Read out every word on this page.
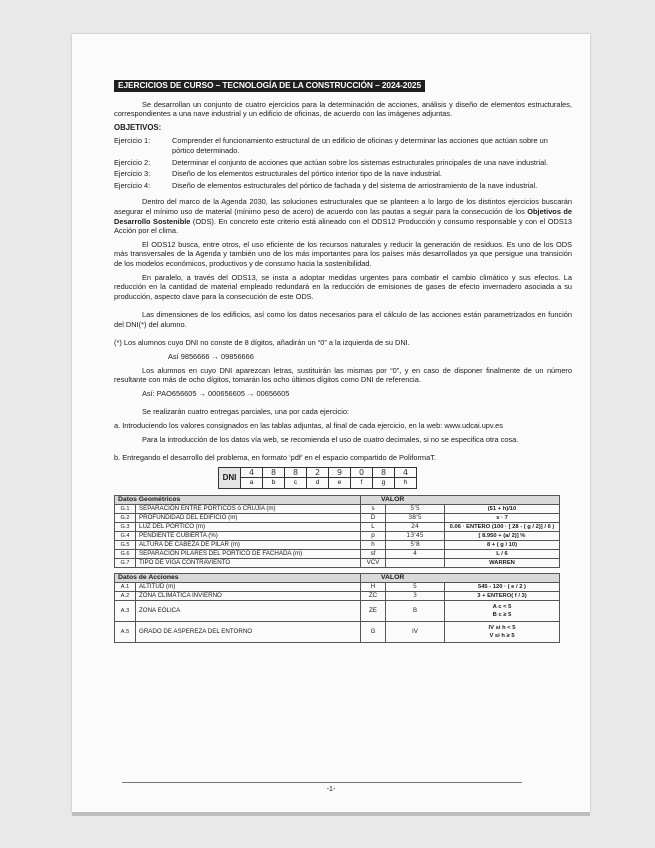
EJERCICIOS DE CURSO – TECNOLOGÍA DE LA CONSTRUCCIÓN – 2024-2025

Se desarrollan un conjunto de cuatro ejercicios para la determinación de acciones, análisis y diseño de elementos estructurales, correspondientes a una nave industrial y un edificio de oficinas, de acuerdo con las imágenes adjuntas.

OBJETIVOS:
Ejercicio 1:	Comprender el funcionamiento estructural de un edificio de oficinas y determinar las acciones que actúan sobre un pórtico determinado.
Ejercicio 2:	Determinar el conjunto de acciones que actúan sobre los sistemas estructurales principales de una nave industrial.
Ejercicio 3:	Diseño de los elementos estructurales del pórtico interior tipo de la nave industrial.
Ejercicio 4:	Diseño de elementos estructurales del pórtico de fachada y del sistema de arriostramiento de la nave industrial.

Dentro del marco de la Agenda 2030, las soluciones estructurales que se planteen a lo largo de los distintos ejercicios buscarán asegurar el mínimo uso de material (mínimo peso de acero) de acuerdo con las pautas a seguir para la consecución de los Objetivos de Desarrollo Sostenible (ODS). En concreto este criterio está alineado con el ODS12 Producción y consumo responsable y con el ODS13 Acción por el clima.

El ODS12 busca, entre otros, el uso eficiente de los recursos naturales y reducir la generación de residuos. Es uno de los ODS más transversales de la Agenda y también uno de los más importantes para los países más desarrollados ya que persigue una transición de los modelos económicos, productivos y de consumo hacia la sostenibilidad.

En paralelo, a través del ODS13, se insta a adoptar medidas urgentes para combatir el cambio climático y sus efectos. La reducción en la cantidad de material empleado redundará en la reducción de emisiones de gases de efecto invernadero asociada a su producción, aspecto clave para la consecución de este ODS.

Las dimensiones de los edificios, así como los datos necesarios para el cálculo de las acciones están parametrizados en función del DNI(*) del alumno.

(*) Los alumnos cuyo DNI no conste de 8 dígitos, añadirán un “0” a la izquierda de su DNI.

Así 9856666 → 09856666

Los alumnos en cuyo DNI aparezcan letras, sustituirán las mismas por “0”, y en caso de disponer finalmente de un número resultante con más de ocho dígitos, tomarán los ocho últimos dígitos como DNI de referencia.

Así: PAO656605 → 000656605 → 00656605

Se realizarán cuatro entregas parciales, una por cada ejercicio:

a. Introduciendo los valores consignados en las tablas adjuntas, al final de cada ejercicio, en la web: www.udcai.upv.es

Para la introducción de los datos vía web, se recomienda el uso de cuatro decimales, si no se especifica otra cosa.

b. Entregando el desarrollo del problema, en formato ‘pdf’ en el espacio compartido de PoliformaT.

DNI	4	8	8	2	9	0	8	4
	a	b	c	d	e	f	g	h
Datos Geométricos		VALOR		
G.1	SEPARACIÓN ENTRE PÓRTICOS ó CRUJÍA (m)	s	5'5	(51 + h)/10
G.2	PROFUNDIDAD DEL EDIFICIO (m)	D	38'5	s · 7
G.3	LUZ DEL PÓRTICO (m)	L	24	0.06 · ENTERO (100 · [ 28 - ( g / 2)] / 6 )
G.4	PENDIENTE CUBIERTA (%)	p	13'45	[ 8.950 + (a/ 2)] %
G.5	ALTURA DE CABEZA DE PILAR (m)	h	5'8	8 + ( g / 10)
G.6	SEPARACIÓN PILARES DEL PÓRTICO DE FACHADA (m)	sf	4	L / 6
G.7	TIPO DE VIGA CONTRAVIENTO	VCV		WARREN
Datos de Acciones		VALOR		
A.1	ALTITUD (m)	H	5	545 - 120 · ( e / 2 )
A.2	ZONA CLIMÁTICA INVIERNO	ZC	3	3 + ENTERO( f / 3)
A.3	ZONA EÓLICA	ZE	B	A c < 5
B c ≥ 5

A.5	GRADO DE ASPEREZA DEL ENTORNO	G	IV	IV si h < 5
V si h ≥ 5
-1-
